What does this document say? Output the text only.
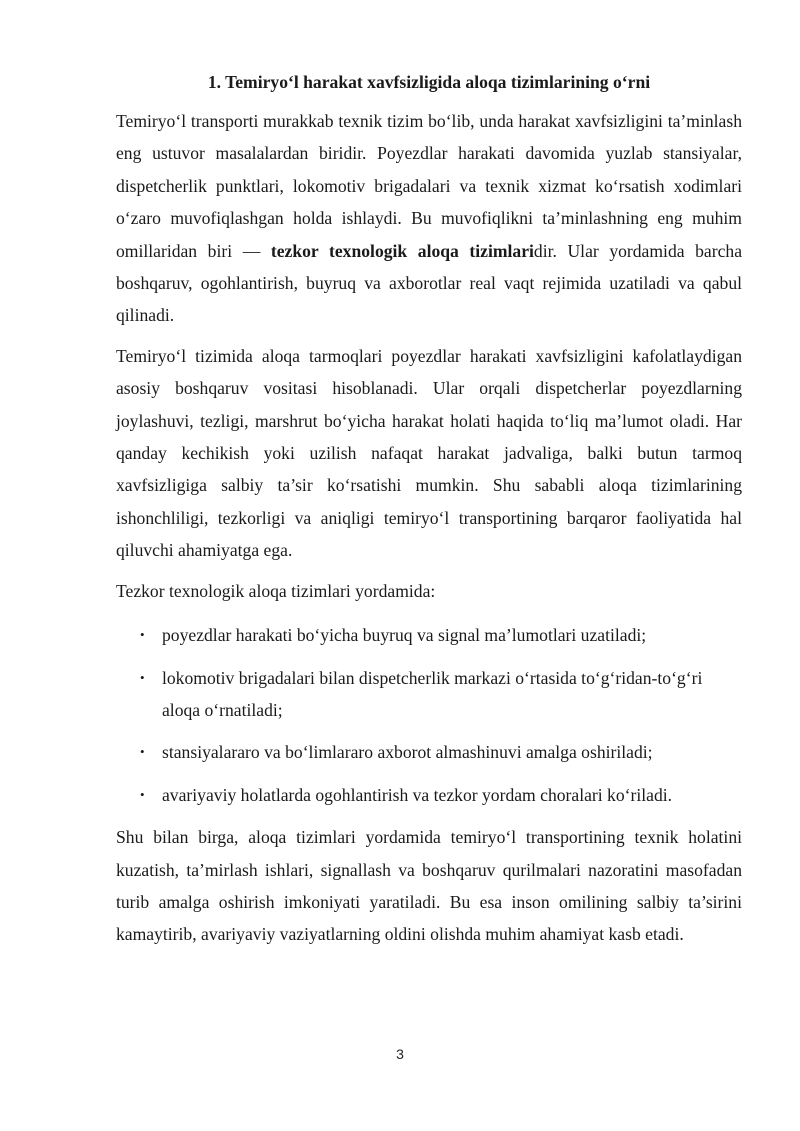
1. Temiryo‘l harakat xavfsizligida aloqa tizimlarining o‘rni

Temiryo‘l transporti murakkab texnik tizim bo‘lib, unda harakat xavfsizligini ta’minlash eng ustuvor masalalardan biridir. Poyezdlar harakati davomida yuzlab stansiyalar, dispetcherlik punktlari, lokomotiv brigadalari va texnik xizmat ko‘rsatish xodimlari o‘zaro muvofiqlashgan holda ishlaydi. Bu muvofiqlikni ta’minlashning eng muhim omillaridan biri — tezkor texnologik aloqa tizimlaridir. Ular yordamida barcha boshqaruv, ogohlantirish, buyruq va axborotlar real vaqt rejimida uzatiladi va qabul qilinadi.

Temiryo‘l tizimida aloqa tarmoqlari poyezdlar harakati xavfsizligini kafolatlaydigan asosiy boshqaruv vositasi hisoblanadi. Ular orqali dispetcherlar poyezdlarning joylashuvi, tezligi, marshrut bo‘yicha harakat holati haqida to‘liq ma’lumot oladi. Har qanday kechikish yoki uzilish nafaqat harakat jadvaliga, balki butun tarmoq xavfsizligiga salbiy ta’sir ko‘rsatishi mumkin. Shu sababli aloqa tizimlarining ishonchliligi, tezkorligi va aniqligi temiryo‘l transportining barqaror faoliyatida hal qiluvchi ahamiyatga ega.

Tezkor texnologik aloqa tizimlari yordamida:

• poyezdlar harakati bo‘yicha buyruq va signal ma’lumotlari uzatiladi;
• lokomotiv brigadalari bilan dispetcherlik markazi o‘rtasida to‘g‘ridan-to‘g‘ri aloqa o‘rnatiladi;
• stansiyalararo va bo‘limlararo axborot almashinuvi amalga oshiriladi;
• avariyaviy holatlarda ogohlantirish va tezkor yordam choralari ko‘riladi.

Shu bilan birga, aloqa tizimlari yordamida temiryo‘l transportining texnik holatini kuzatish, ta’mirlash ishlari, signallash va boshqaruv qurilmalari nazoratini masofadan turib amalga oshirish imkoniyati yaratiladi. Bu esa inson omilining salbiy ta’sirini kamaytirib, avariyaviy vaziyatlarning oldini olishda muhim ahamiyat kasb etadi.

3
